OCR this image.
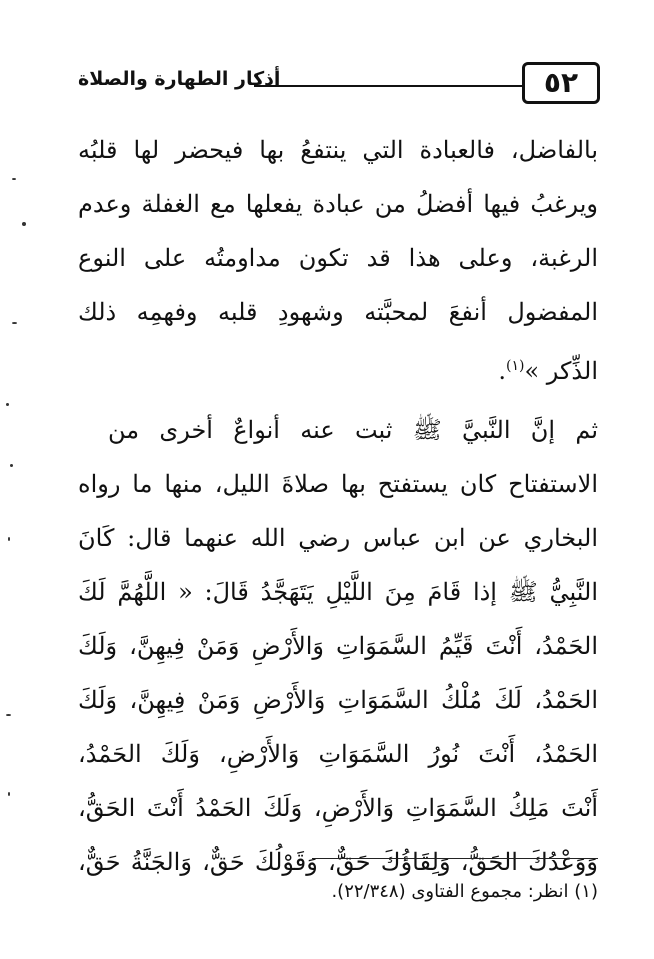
أذكار الطهارة والصلاة	٥٢
بالفاضل، فالعبادة التي ينتفعُ بها فيحضر لها قلبُه
ويرغبُ فيها أفضلُ من عبادة يفعلها مع الغفلة وعدم
الرغبة، وعلى هذا قد تكون مداومتُه على النوع
المفضول أنفعَ لمحبَّته وشهودِ قلبه وفهمِه ذلك
الذِّكر »$^{(١)}$.
ثم إنَّ النَّبيَّ ﷺ ثبت عنه أنواعٌ أخرى من
الاستفتاح كان يستفتح بها صلاةَ الليل، منها ما رواه
البخاري عن ابن عباس رضي الله عنهما قال: كَانَ
النَّبِيُّ ﷺ إذا قَامَ مِنَ اللَّيْلِ يَتَهَجَّدُ قَالَ: « اللَّهُمَّ لَكَ
الحَمْدُ، أَنْتَ قَيِّمُ السَّمَوَاتِ وَالأَرْضِ وَمَنْ فِيهِنَّ، وَلَكَ
الحَمْدُ، لَكَ مُلْكُ السَّمَوَاتِ وَالأَرْضِ وَمَنْ فِيهِنَّ، وَلَكَ
الحَمْدُ، أَنْتَ نُورُ السَّمَوَاتِ وَالأَرْضِ، وَلَكَ الحَمْدُ،
أَنْتَ مَلِكُ السَّمَوَاتِ وَالأَرْضِ، وَلَكَ الحَمْدُ أَنْتَ الحَقُّ،
وَوَعْدُكَ الحَقُّ، وَلِقَاؤُكَ حَقٌّ، وَقَوْلُكَ حَقٌّ، وَالجَنَّةُ حَقٌّ،
(١) انظر: مجموع الفتاوى (٢٢/٣٤٨).
